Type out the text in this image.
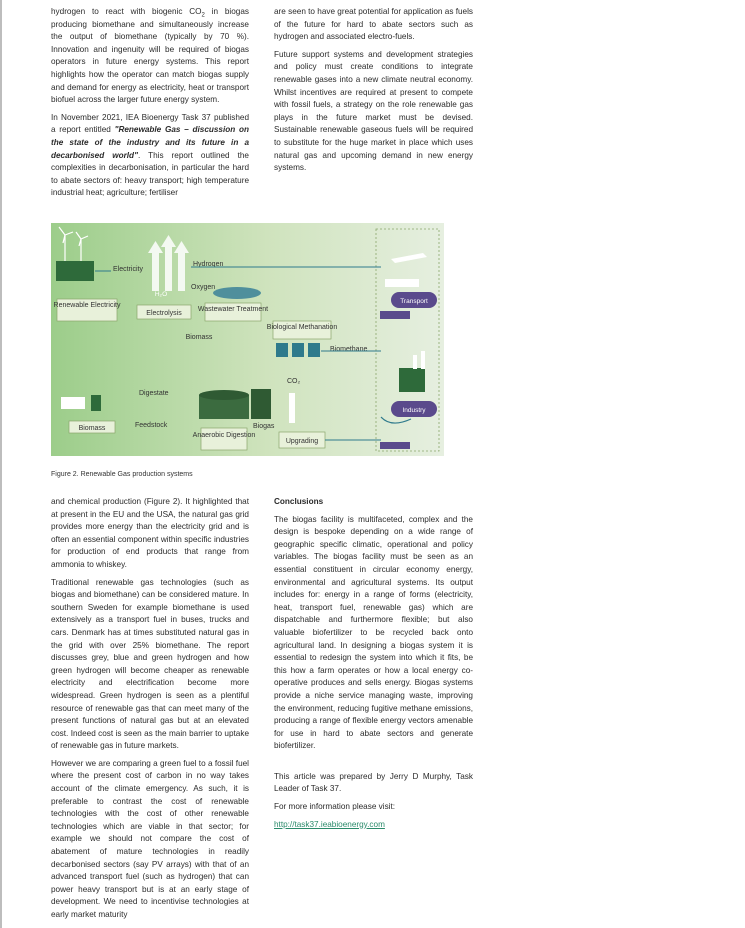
hydrogen to react with biogenic $CO_2$ in biogas producing biomethane and simultaneously increase the output of biomethane (typically by 70 %). Innovation and ingenuity will be required of biogas operators in future energy systems. This report highlights how the operator can match biogas supply and demand for energy as electricity, heat or transport biofuel across the larger future energy system.

In November 2021, IEA Bioenergy Task 37 published a report entitled "Renewable Gas – discussion on the state of the industry and its future in a decarbonised world". This report outlined the complexities in decarbonisation, in particular the hard to abate sectors of: heavy transport; high temperature industrial heat; agriculture; fertiliser

are seen to have great potential for application as fuels of the future for hard to abate sectors such as hydrogen and associated electro-fuels.

Future support systems and development strategies and policy must create conditions to integrate renewable gases into a new climate neutral economy. Whilst incentives are required at present to compete with fossil fuels, a strategy on the role renewable gas plays in the future market must be devised. Sustainable renewable gaseous fuels will be required to substitute for the huge market in place which uses natural gas and upcoming demand in new energy systems.

Electricity
Renewable Electricity
H₂O
Hydrogen
Oxygen
Electrolysis
Wastewater Treatment
Biomass
Biological Methanation
Biomethane
Transport
Industry
CO₂
Upgrading
Digestate
Biogas
Anaerobic Digestion
Feedstock
Biomass
Figure 2. Renewable Gas production systems

and chemical production (Figure 2). It highlighted that at present in the EU and the USA, the natural gas grid provides more energy than the electricity grid and is often an essential component within specific industries for production of end products that range from ammonia to whiskey.

Traditional renewable gas technologies (such as biogas and biomethane) can be considered mature. In southern Sweden for example biomethane is used extensively as a transport fuel in buses, trucks and cars. Denmark has at times substituted natural gas in the grid with over 25% biomethane. The report discusses grey, blue and green hydrogen and how green hydrogen will become cheaper as renewable electricity and electrification become more widespread. Green hydrogen is seen as a plentiful resource of renewable gas that can meet many of the present functions of natural gas but at an elevated cost. Indeed cost is seen as the main barrier to uptake of renewable gas in future markets.

However we are comparing a green fuel to a fossil fuel where the present cost of carbon in no way takes account of the climate emergency. As such, it is preferable to contrast the cost of renewable technologies with the cost of other renewable technologies which are viable in that sector; for example we should not compare the cost of abatement of mature technologies in readily decarbonised sectors (say PV arrays) with that of an advanced transport fuel (such as hydrogen) that can power heavy transport but is at an early stage of development. We need to incentivise technologies at early market maturity

Conclusions

The biogas facility is multifaceted, complex and the design is bespoke depending on a wide range of geographic specific climatic, operational and policy variables. The biogas facility must be seen as an essential constituent in circular economy energy, environmental and agricultural systems. Its output includes for: energy in a range of forms (electricity, heat, transport fuel, renewable gas) which are dispatchable and furthermore flexible; but also valuable biofertilizer to be recycled back onto agricultural land. In designing a biogas system it is essential to redesign the system into which it fits, be this how a farm operates or how a local energy co-operative produces and sells energy. Biogas systems provide a niche service managing waste, improving the environment, reducing fugitive methane emissions, producing a range of flexible energy vectors amenable for use in hard to abate sectors and generate biofertilizer.

This article was prepared by Jerry D Murphy, Task Leader of Task 37.

For more information please visit:

http://task37.ieabioenergy.com
